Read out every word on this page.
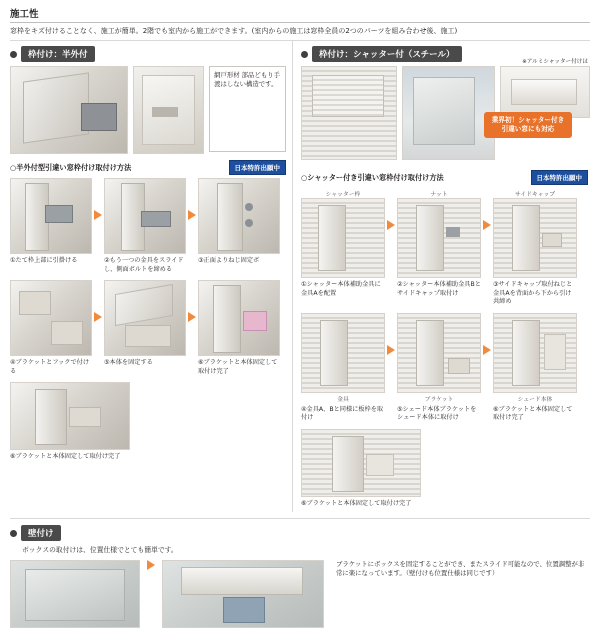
施工性
窓枠をキズ付けることなく、施工が簡単。2階でも室内から施工ができます。(室内からの施工は窓枠全員の2つのパーツを組み合わせ後、施工)
枠付け：半外付
網戸形材 部品どもり手渡はしない構造です。
○半外付型引違い窓枠付け取付け方法	日本特許出願中
①たて枠上部に引掛ける	②もう一つの金具をスライドし、側面ボルトを締める
③正面よりねじ固定ボ
④ブラケットとフックで付ける
⑤本体を固定する	⑥ブラケットと本体固定して取付け完了
⑥ブラケットと本体固定して取付け完了
枠付け：シャッター付（スチール）
※アルミシャッター付けは
業界初！シャッター付き引違い窓にも対応
○シャッター付き引違い窓枠付け取付け方法	日本特許出願中
シャッター枠
①シャッター本体補助金具に金具Aを配置
ナット
②シャッター本体補助金具Bとサイドキャップ取付け
サイドキャップ
③サイドキャップ取付ねじと金具Aを背面から下から引け共締め
金具
④金具A、Bと同様に板枠を取付け
ブラケット
⑤シェード本体ブラケットをシェード本体に取付け
シェード本体
⑥ブラケットと本体固定して取付け完了
⑥ブラケットと本体固定して取付け完了
壁付け
ボックスの取付けは、位置仕様でとても簡単です。
ブラケットにボックスを固定することができ、またスライド可能なので、位置調整が非常に楽になっています。（壁付けも位置仕様は同じです）
